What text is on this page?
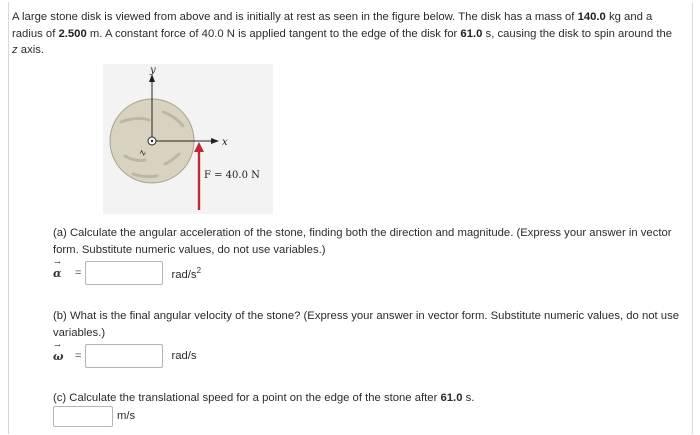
A large stone disk is viewed from above and is initially at rest as seen in the figure below. The disk has a mass of 140.0 kg and a radius of 2.500 m. A constant force of 40.0 N is applied tangent to the edge of the disk for 61.0 s, causing the disk to spin around the z axis.

y
x
z
F = 40.0 N

(a) Calculate the angular acceleration of the stone, finding both the direction and magnitude. (Express your answer in vector form. Substitute numeric values, do not use variables.)

→
α	=	rad/$s^2$

(b) What is the final angular velocity of the stone? (Express your answer in vector form. Substitute numeric values, do not use variables.)

→
ω	=	rad/s

(c) Calculate the translational speed for a point on the edge of the stone after 61.0 s.

m/s
